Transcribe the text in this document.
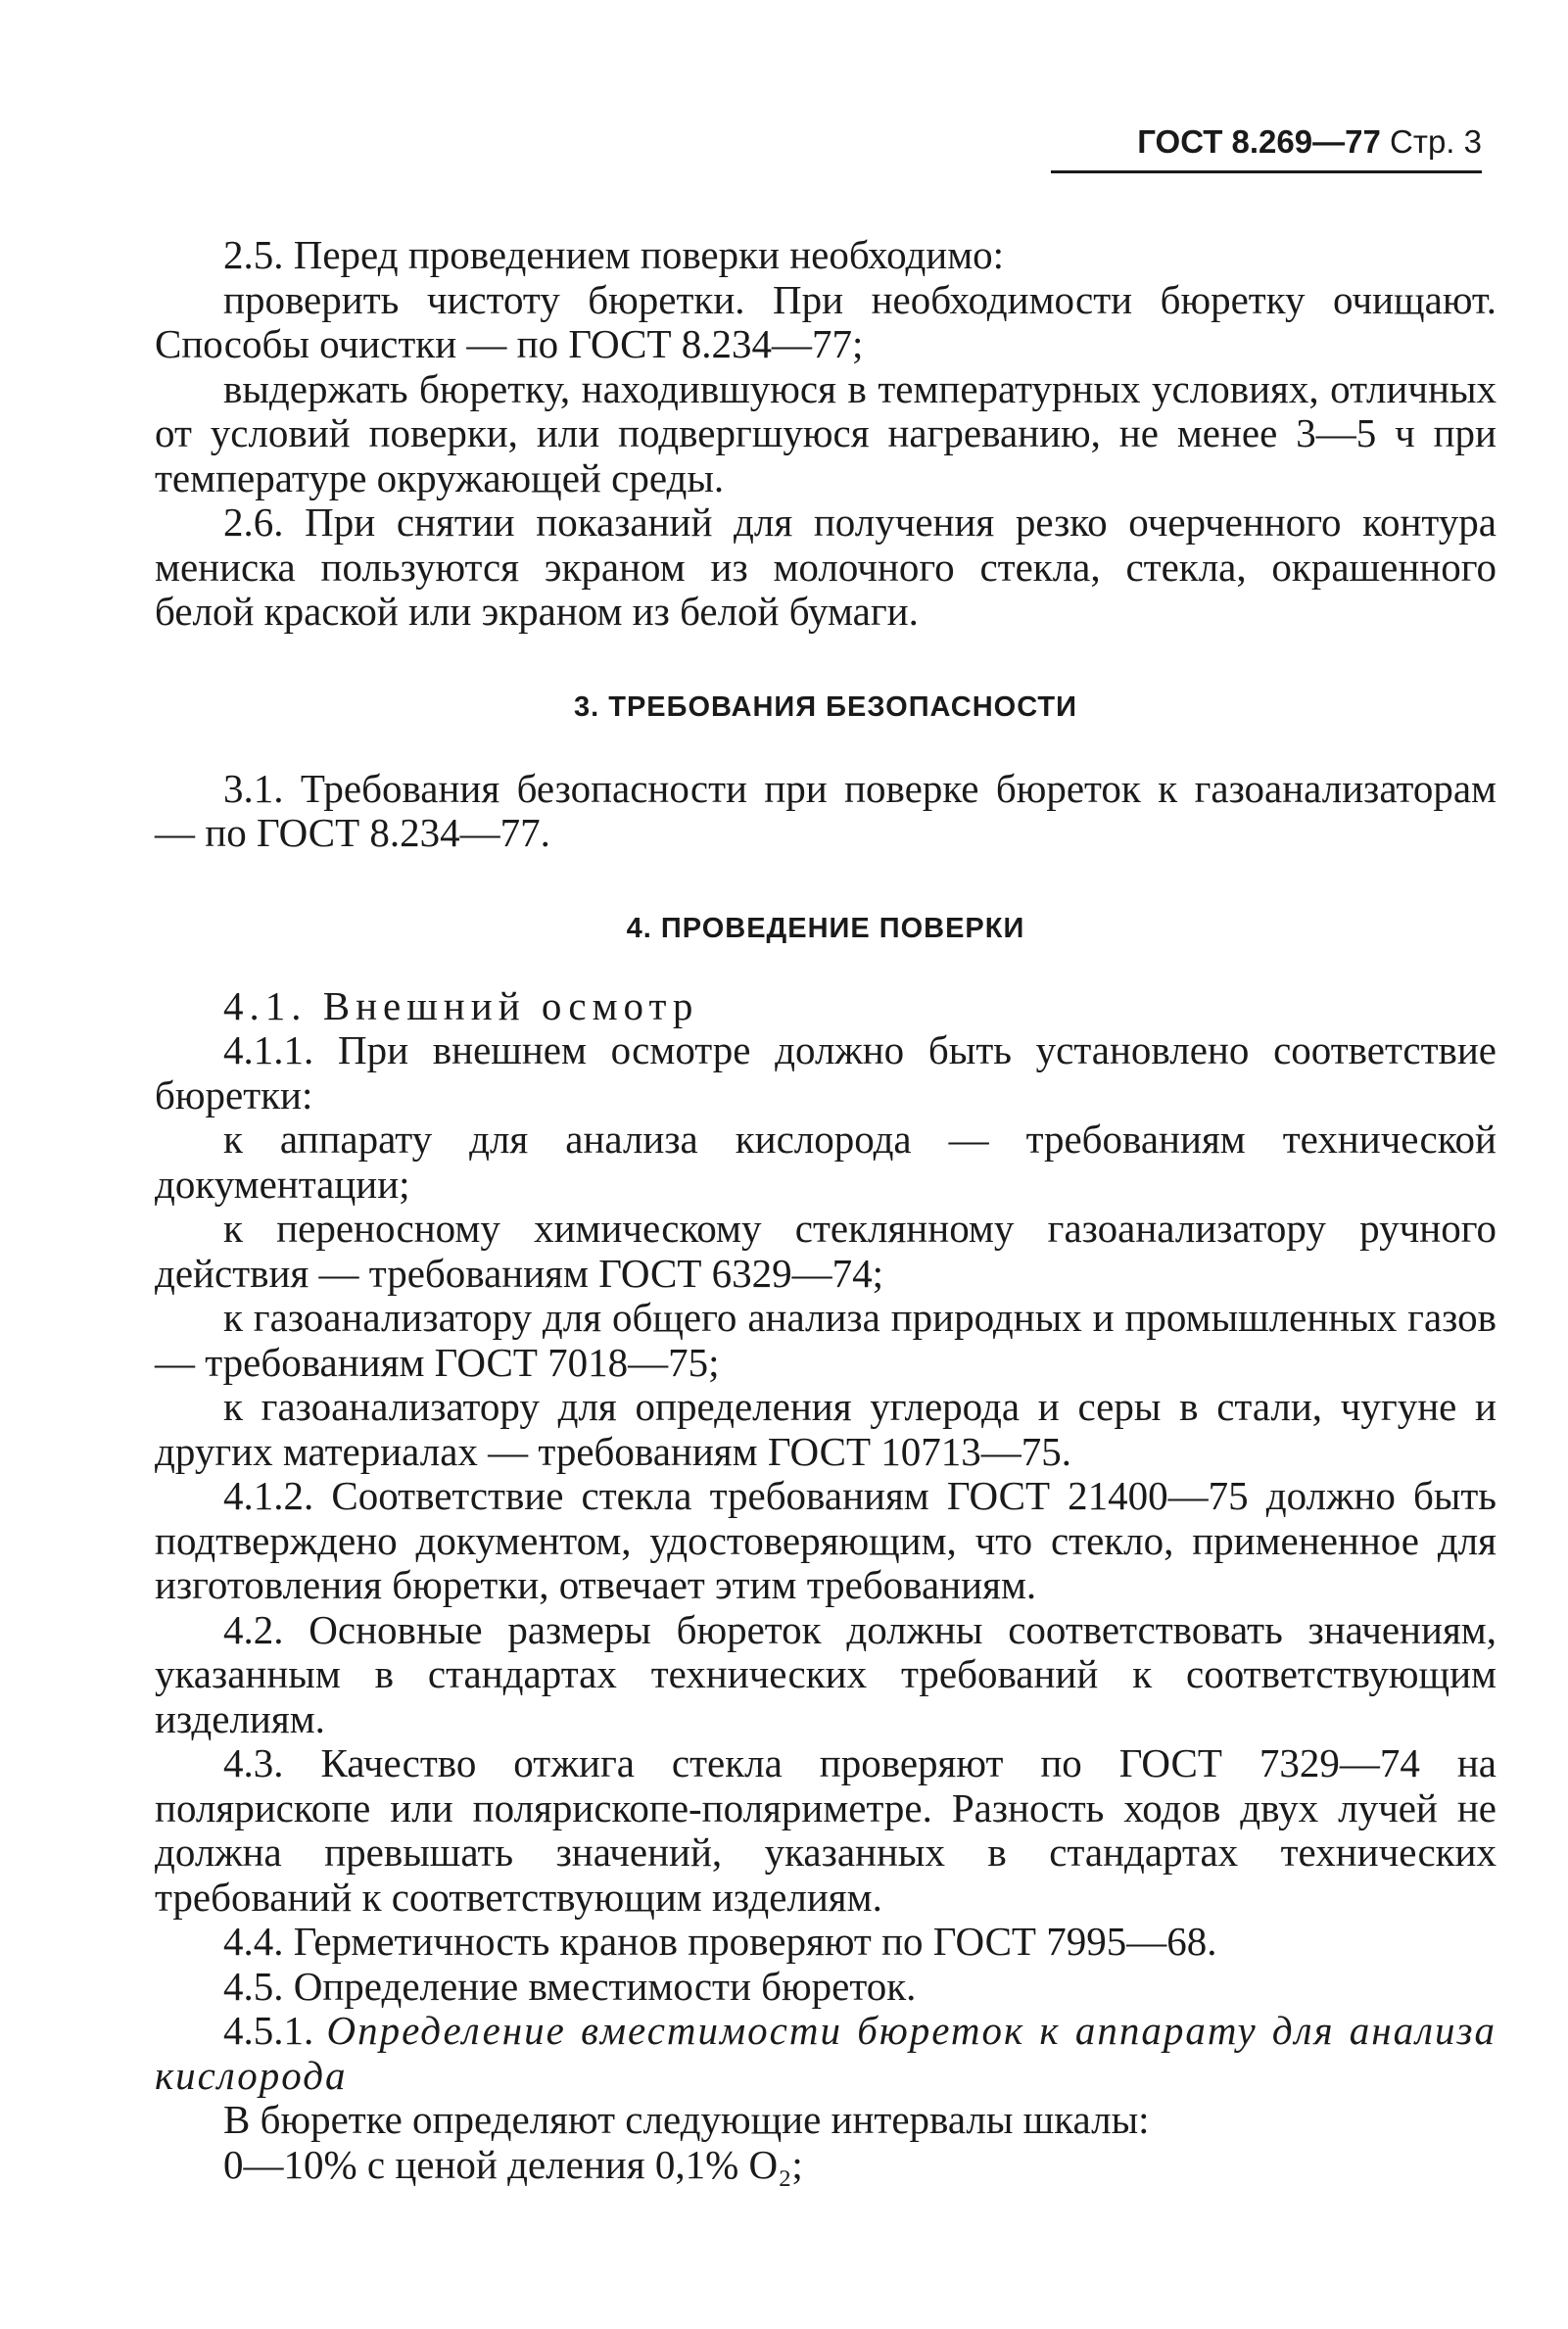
ГОСТ 8.269—77 Стр. 3

2.5. Перед проведением поверки необходимо:

проверить чистоту бюретки. При необходимости бюретку очищают. Способы очистки — по ГОСТ 8.234—77;

выдержать бюретку, находившуюся в температурных условиях, отличных от условий поверки, или подвергшуюся нагреванию, не менее 3—5 ч при температуре окружающей среды.

2.6. При снятии показаний для получения резко очерченного контура мениска пользуются экраном из молочного стекла, стекла, окрашенного белой краской или экраном из белой бумаги.

3. ТРЕБОВАНИЯ БЕЗОПАСНОСТИ

3.1. Требования безопасности при поверке бюреток к газоанализаторам — по ГОСТ 8.234—77.

4. ПРОВЕДЕНИЕ ПОВЕРКИ

4.1. Внешний осмотр

4.1.1. При внешнем осмотре должно быть установлено соответствие бюретки:

к аппарату для анализа кислорода — требованиям технической документации;

к переносному химическому стеклянному газоанализатору ручного действия — требованиям ГОСТ 6329—74;

к газоанализатору для общего анализа природных и промышленных газов — требованиям ГОСТ 7018—75;

к газоанализатору для определения углерода и серы в стали, чугуне и других материалах — требованиям ГОСТ 10713—75.

4.1.2. Соответствие стекла требованиям ГОСТ 21400—75 должно быть подтверждено документом, удостоверяющим, что стекло, примененное для изготовления бюретки, отвечает этим требованиям.

4.2. Основные размеры бюреток должны соответствовать значениям, указанным в стандартах технических требований к соответствующим изделиям.

4.3. Качество отжига стекла проверяют по ГОСТ 7329—74 на полярископе или полярископе-поляриметре. Разность ходов двух лучей не должна превышать значений, указанных в стандартах технических требований к соответствующим изделиям.

4.4. Герметичность кранов проверяют по ГОСТ 7995—68.

4.5. Определение вместимости бюреток.

4.5.1. Определение вместимости бюреток к аппарату для анализа кислорода

В бюретке определяют следующие интервалы шкалы:

0—10% с ценой деления 0,1% O₂;
